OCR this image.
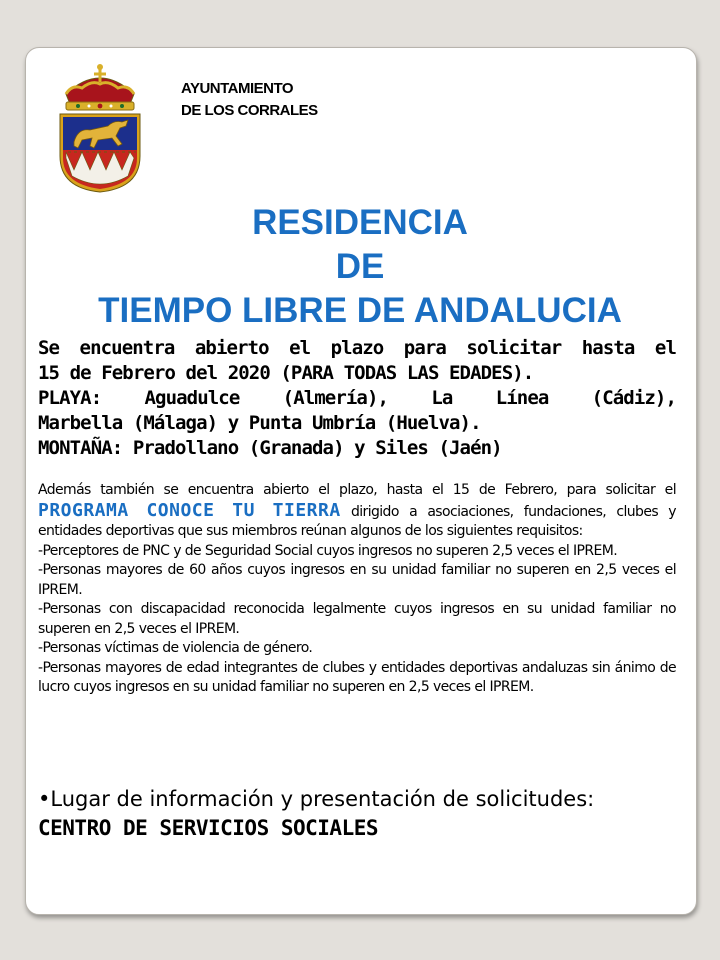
AYUNTAMIENTO
DE LOS CORRALES
RESIDENCIA
DE
TIEMPO LIBRE DE ANDALUCIA
Se encuentra abierto el plazo para solicitar hasta el
15 de Febrero del 2020 (PARA TODAS LAS EDADES).
PLAYA: Aguadulce (Almería), La Línea (Cádiz),
Marbella (Málaga) y Punta Umbría (Huelva).
MONTAÑA: Pradollano (Granada) y Siles (Jaén)

Además también se encuentra abierto el plazo, hasta el 15 de Febrero, para solicitar el PROGRAMA CONOCE TU TIERRA dirigido a asociaciones, fundaciones, clubes y entidades deportivas que sus miembros reúnan algunos de los siguientes requisitos:

-Perceptores de PNC y de Seguridad Social cuyos ingresos no superen 2,5 veces el IPREM.

-Personas mayores de 60 años cuyos ingresos en su unidad familiar no superen en 2,5 veces el IPREM.

-Personas con discapacidad reconocida legalmente cuyos ingresos en su unidad familiar no superen en 2,5 veces el IPREM.

-Personas víctimas de violencia de género.

-Personas mayores de edad integrantes de clubes y entidades deportivas andaluzas sin ánimo de lucro cuyos ingresos en su unidad familiar no superen en 2,5 veces el IPREM.

•Lugar de información y presentación de solicitudes:
CENTRO DE SERVICIOS SOCIALES
